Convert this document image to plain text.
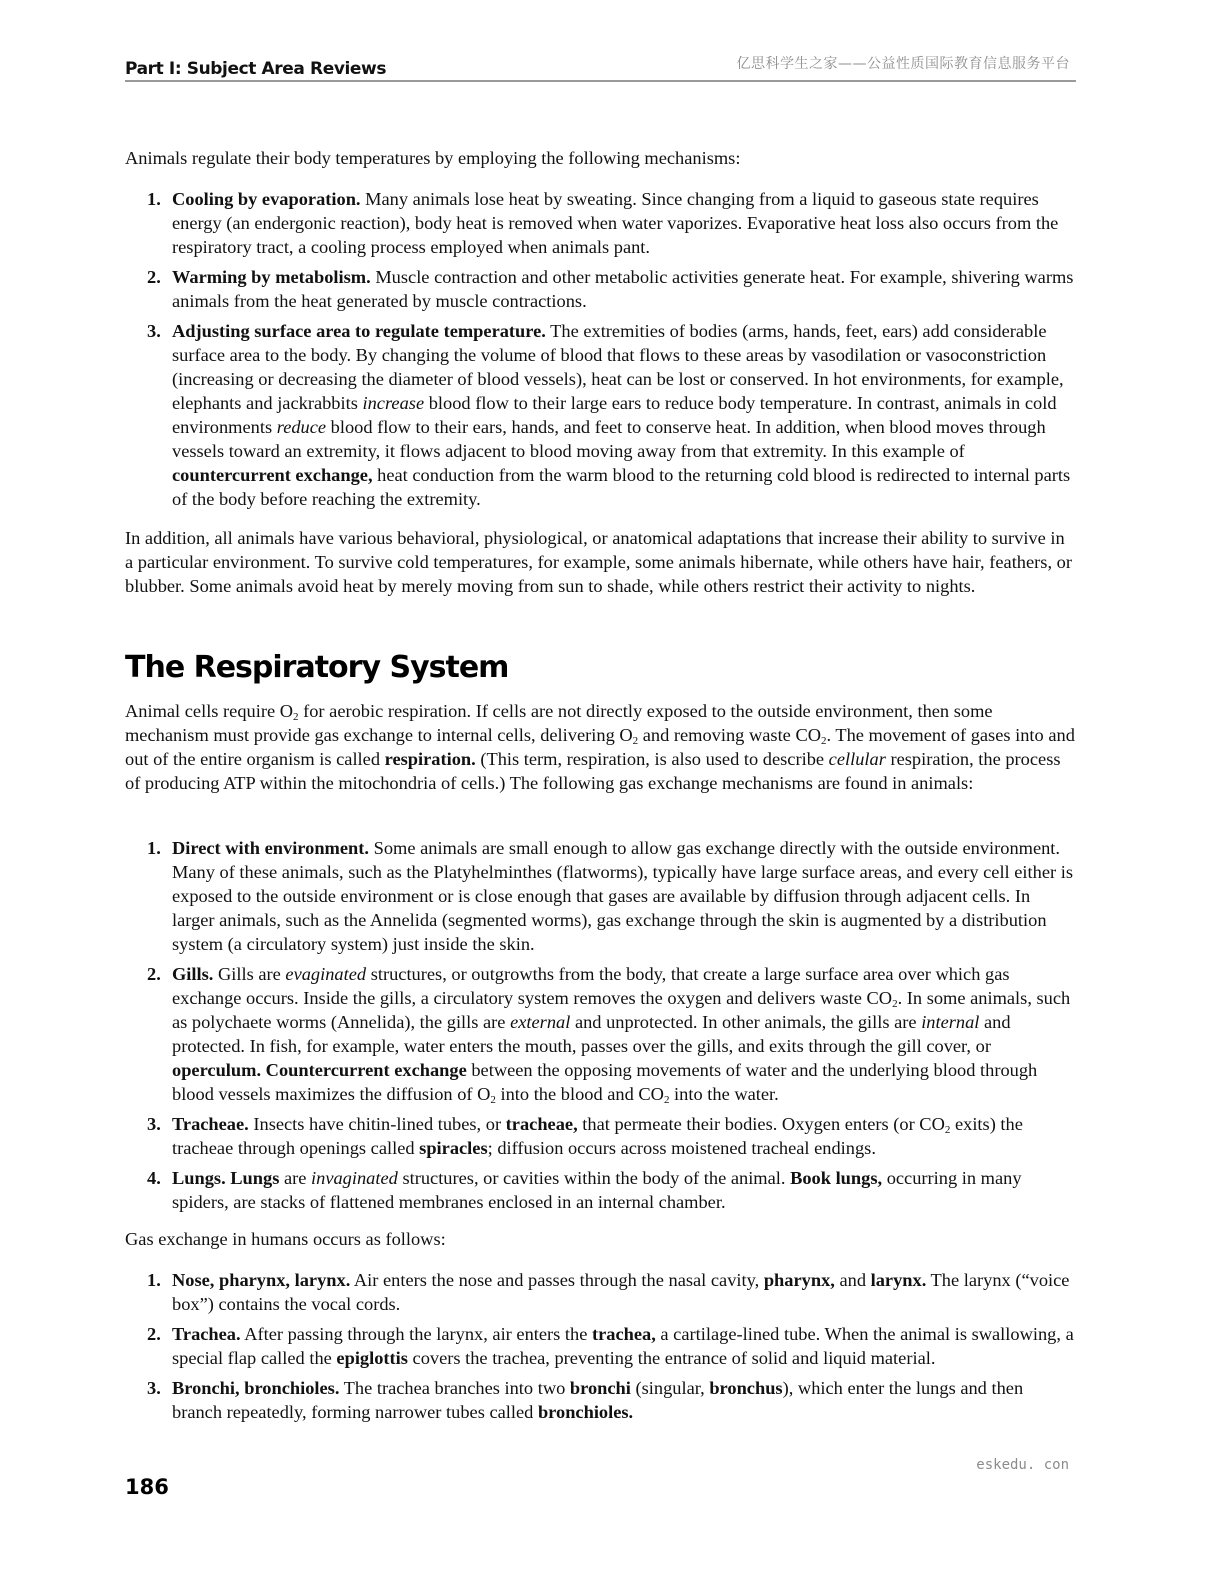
Part I: Subject Area Reviews	亿思科学生之家——公益性质国际教育信息服务平台

Animals regulate their body temperatures by employing the following mechanisms:

1. Cooling by evaporation. Many animals lose heat by sweating. Since changing from a liquid to gaseous state requires energy (an endergonic reaction), body heat is removed when water vaporizes. Evaporative heat loss also occurs from the respiratory tract, a cooling process employed when animals pant.
2. Warming by metabolism. Muscle contraction and other metabolic activities generate heat. For example, shivering warms animals from the heat generated by muscle contractions.
3. Adjusting surface area to regulate temperature. The extremities of bodies (arms, hands, feet, ears) add considerable surface area to the body. By changing the volume of blood that flows to these areas by vasodilation or vasoconstriction (increasing or decreasing the diameter of blood vessels), heat can be lost or conserved. In hot environments, for example, elephants and jackrabbits increase blood flow to their large ears to reduce body temperature. In contrast, animals in cold environments reduce blood flow to their ears, hands, and feet to conserve heat. In addition, when blood moves through vessels toward an extremity, it flows adjacent to blood moving away from that extremity. In this example of countercurrent exchange, heat conduction from the warm blood to the returning cold blood is redirected to internal parts of the body before reaching the extremity.

In addition, all animals have various behavioral, physiological, or anatomical adaptations that increase their ability to survive in a particular environment. To survive cold temperatures, for example, some animals hibernate, while others have hair, feathers, or blubber. Some animals avoid heat by merely moving from sun to shade, while others restrict their activity to nights.

The Respiratory System

Animal cells require $O_2$ for aerobic respiration. If cells are not directly exposed to the outside environment, then some mechanism must provide gas exchange to internal cells, delivering $O_2$ and removing waste $CO_2$. The movement of gases into and out of the entire organism is called respiration. (This term, respiration, is also used to describe cellular respiration, the process of producing ATP within the mitochondria of cells.) The following gas exchange mechanisms are found in animals:

1. Direct with environment. Some animals are small enough to allow gas exchange directly with the outside environment. Many of these animals, such as the Platyhelminthes (flatworms), typically have large surface areas, and every cell either is exposed to the outside environment or is close enough that gases are available by diffusion through adjacent cells. In larger animals, such as the Annelida (segmented worms), gas exchange through the skin is augmented by a distribution system (a circulatory system) just inside the skin.
2. Gills. Gills are evaginated structures, or outgrowths from the body, that create a large surface area over which gas exchange occurs. Inside the gills, a circulatory system removes the oxygen and delivers waste $CO_2$. In some animals, such as polychaete worms (Annelida), the gills are external and unprotected. In other animals, the gills are internal and protected. In fish, for example, water enters the mouth, passes over the gills, and exits through the gill cover, or operculum. Countercurrent exchange between the opposing movements of water and the underlying blood through blood vessels maximizes the diffusion of $O_2$ into the blood and $CO_2$ into the water.
3. Tracheae. Insects have chitin-lined tubes, or tracheae, that permeate their bodies. Oxygen enters (or $CO_2$ exits) the tracheae through openings called spiracles; diffusion occurs across moistened tracheal endings.
4. Lungs. Lungs are invaginated structures, or cavities within the body of the animal. Book lungs, occurring in many spiders, are stacks of flattened membranes enclosed in an internal chamber.

Gas exchange in humans occurs as follows:

1. Nose, pharynx, larynx. Air enters the nose and passes through the nasal cavity, pharynx, and larynx. The larynx (“voice box”) contains the vocal cords.
2. Trachea. After passing through the larynx, air enters the trachea, a cartilage-lined tube. When the animal is swallowing, a special flap called the epiglottis covers the trachea, preventing the entrance of solid and liquid material.
3. Bronchi, bronchioles. The trachea branches into two bronchi (singular, bronchus), which enter the lungs and then branch repeatedly, forming narrower tubes called bronchioles.
eskedu. con
186
